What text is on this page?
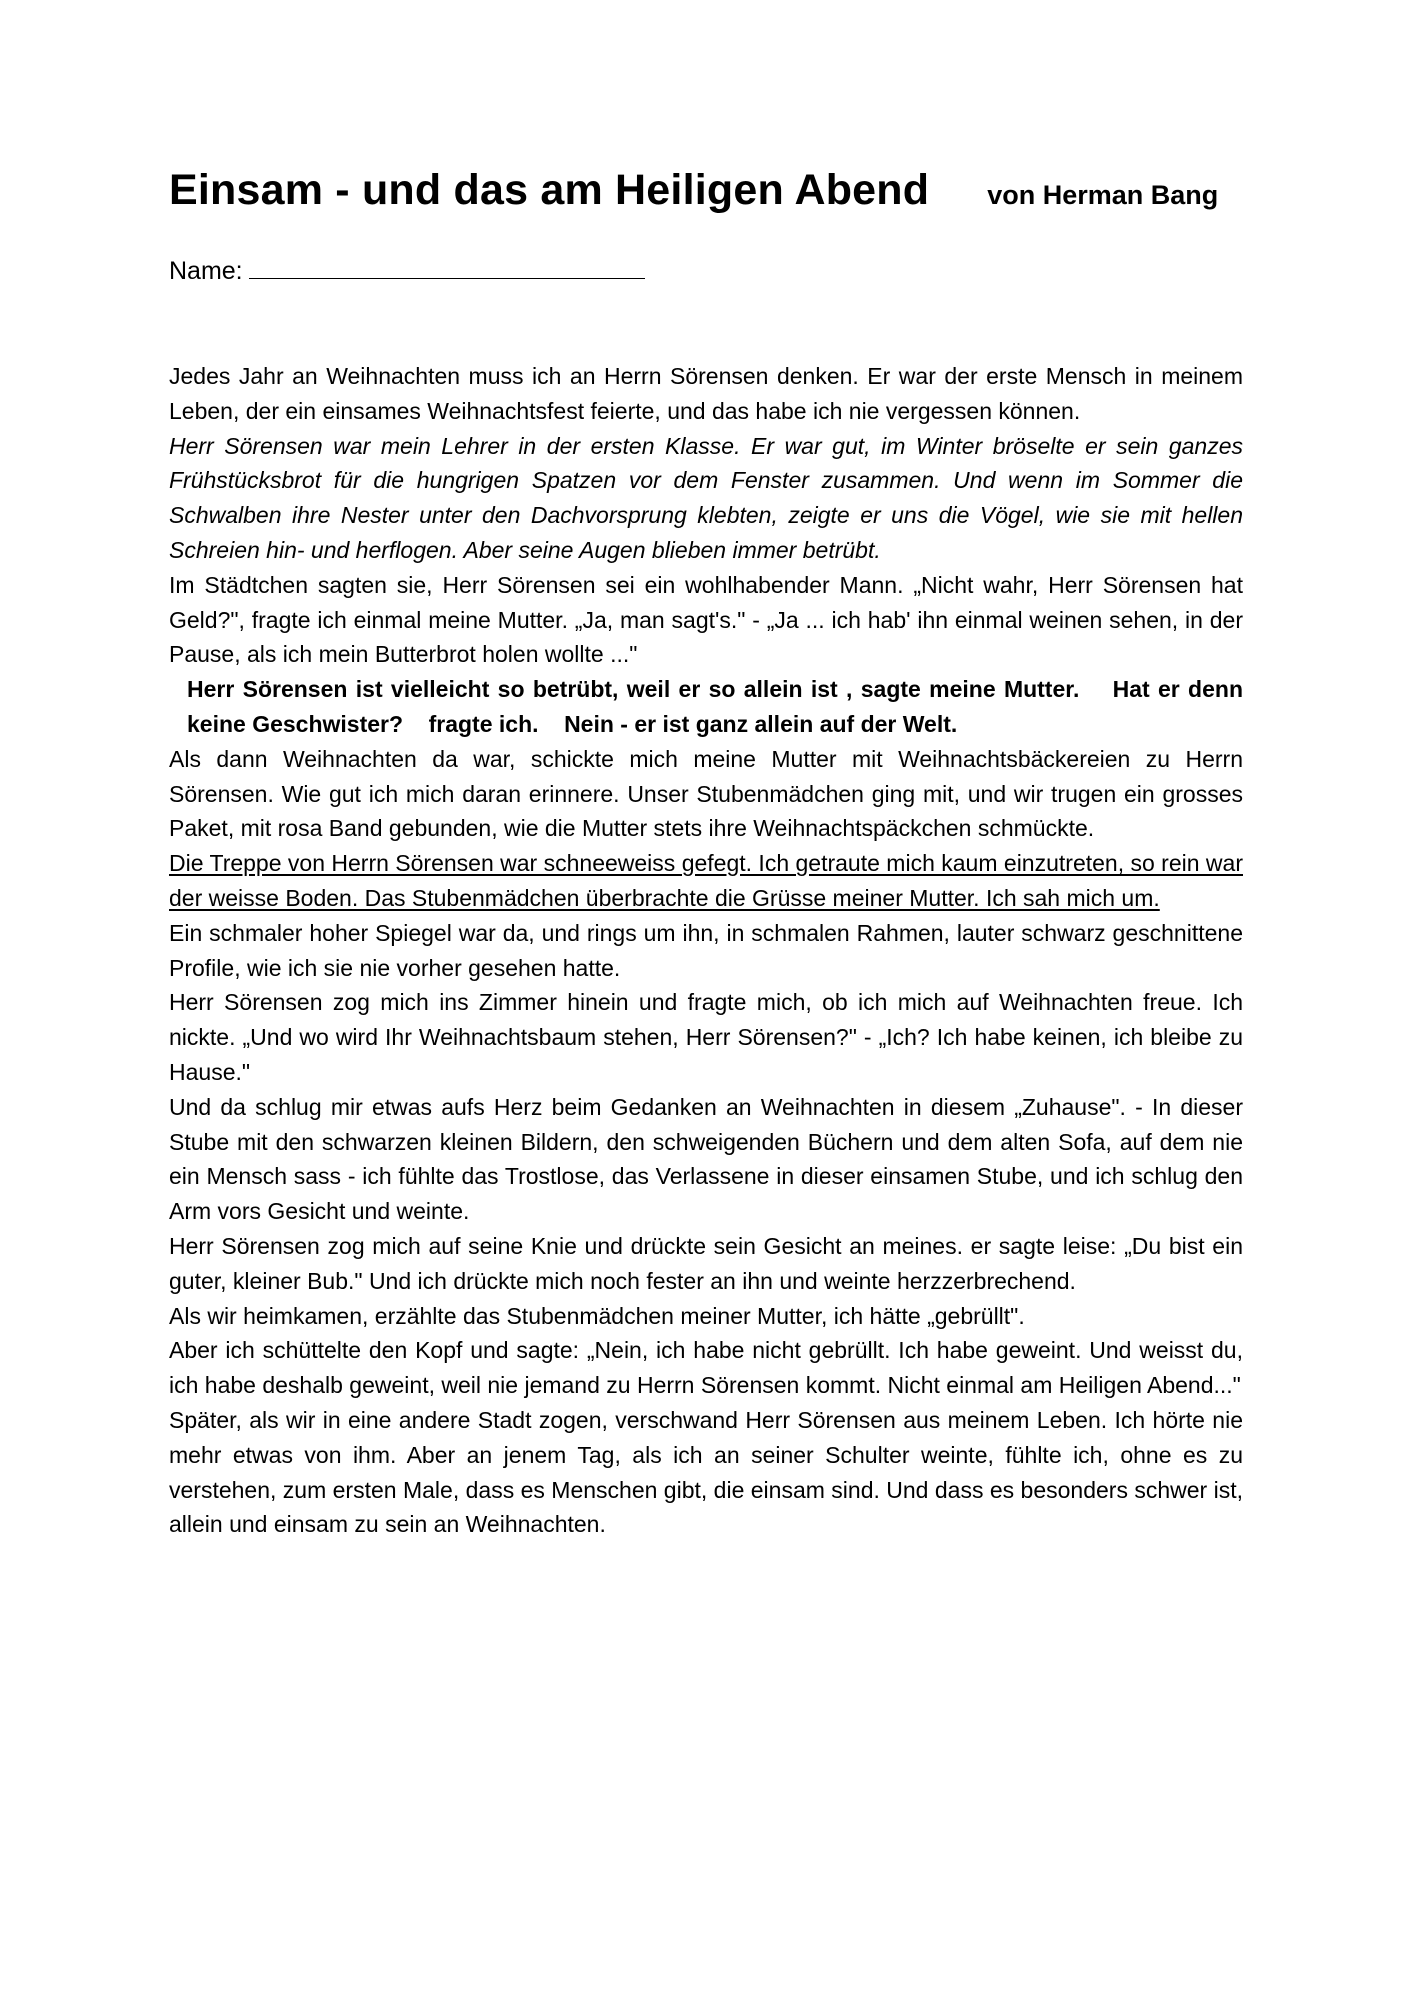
Einsam - und das am Heiligen Abend von Herman Bang
Name:

Jedes Jahr an Weihnachten muss ich an Herrn Sörensen denken. Er war der erste Mensch in meinem Leben, der ein einsames Weihnachtsfest feierte, und das habe ich nie vergessen können.

Herr Sörensen war mein Lehrer in der ersten Klasse. Er war gut, im Winter bröselte er sein ganzes Frühstücksbrot für die hungrigen Spatzen vor dem Fenster zusammen. Und wenn im Sommer die Schwalben ihre Nester unter den Dachvorsprung klebten, zeigte er uns die Vögel, wie sie mit hellen Schreien hin- und herflogen. Aber seine Augen blieben immer betrübt.

Im Städtchen sagten sie, Herr Sörensen sei ein wohlhabender Mann. „Nicht wahr, Herr Sörensen hat Geld?", fragte ich einmal meine Mutter. „Ja, man sagt's." - „Ja ... ich hab' ihn einmal weinen sehen, in der Pause, als ich mein Butterbrot holen wollte ..."

Herr Sörensen ist vielleicht so betrübt, weil er so allein ist , sagte meine Mutter.    Hat er denn keine Geschwister?    fragte ich.    Nein - er ist ganz allein auf der Welt.

Als dann Weihnachten da war, schickte mich meine Mutter mit Weihnachtsbäckereien zu Herrn Sörensen. Wie gut ich mich daran erinnere. Unser Stubenmädchen ging mit, und wir trugen ein grosses Paket, mit rosa Band gebunden, wie die Mutter stets ihre Weihnachtspäckchen schmückte.

Die Treppe von Herrn Sörensen war schneeweiss gefegt. Ich getraute mich kaum einzutreten, so rein war der weisse Boden. Das Stubenmädchen überbrachte die Grüsse meiner Mutter. Ich sah mich um.

Ein schmaler hoher Spiegel war da, und rings um ihn, in schmalen Rahmen, lauter schwarz geschnittene Profile, wie ich sie nie vorher gesehen hatte.

Herr Sörensen zog mich ins Zimmer hinein und fragte mich, ob ich mich auf Weihnachten freue. Ich nickte. „Und wo wird Ihr Weihnachtsbaum stehen, Herr Sörensen?" - „Ich? Ich habe keinen, ich bleibe zu Hause."

Und da schlug mir etwas aufs Herz beim Gedanken an Weihnachten in diesem „Zuhause". - In dieser Stube mit den schwarzen kleinen Bildern, den schweigenden Büchern und dem alten Sofa, auf dem nie ein Mensch sass - ich fühlte das Trostlose, das Verlassene in dieser einsamen Stube, und ich schlug den Arm vors Gesicht und weinte.

Herr Sörensen zog mich auf seine Knie und drückte sein Gesicht an meines. er sagte leise: „Du bist ein guter, kleiner Bub." Und ich drückte mich noch fester an ihn und weinte herzzerbrechend.

Als wir heimkamen, erzählte das Stubenmädchen meiner Mutter, ich hätte „gebrüllt".

Aber ich schüttelte den Kopf und sagte: „Nein, ich habe nicht gebrüllt. Ich habe geweint. Und weisst du, ich habe deshalb geweint, weil nie jemand zu Herrn Sörensen kommt. Nicht einmal am Heiligen Abend..."

Später, als wir in eine andere Stadt zogen, verschwand Herr Sörensen aus meinem Leben. Ich hörte nie mehr etwas von ihm. Aber an jenem Tag, als ich an seiner Schulter weinte, fühlte ich, ohne es zu verstehen, zum ersten Male, dass es Menschen gibt, die einsam sind. Und dass es besonders schwer ist, allein und einsam zu sein an Weihnachten.
